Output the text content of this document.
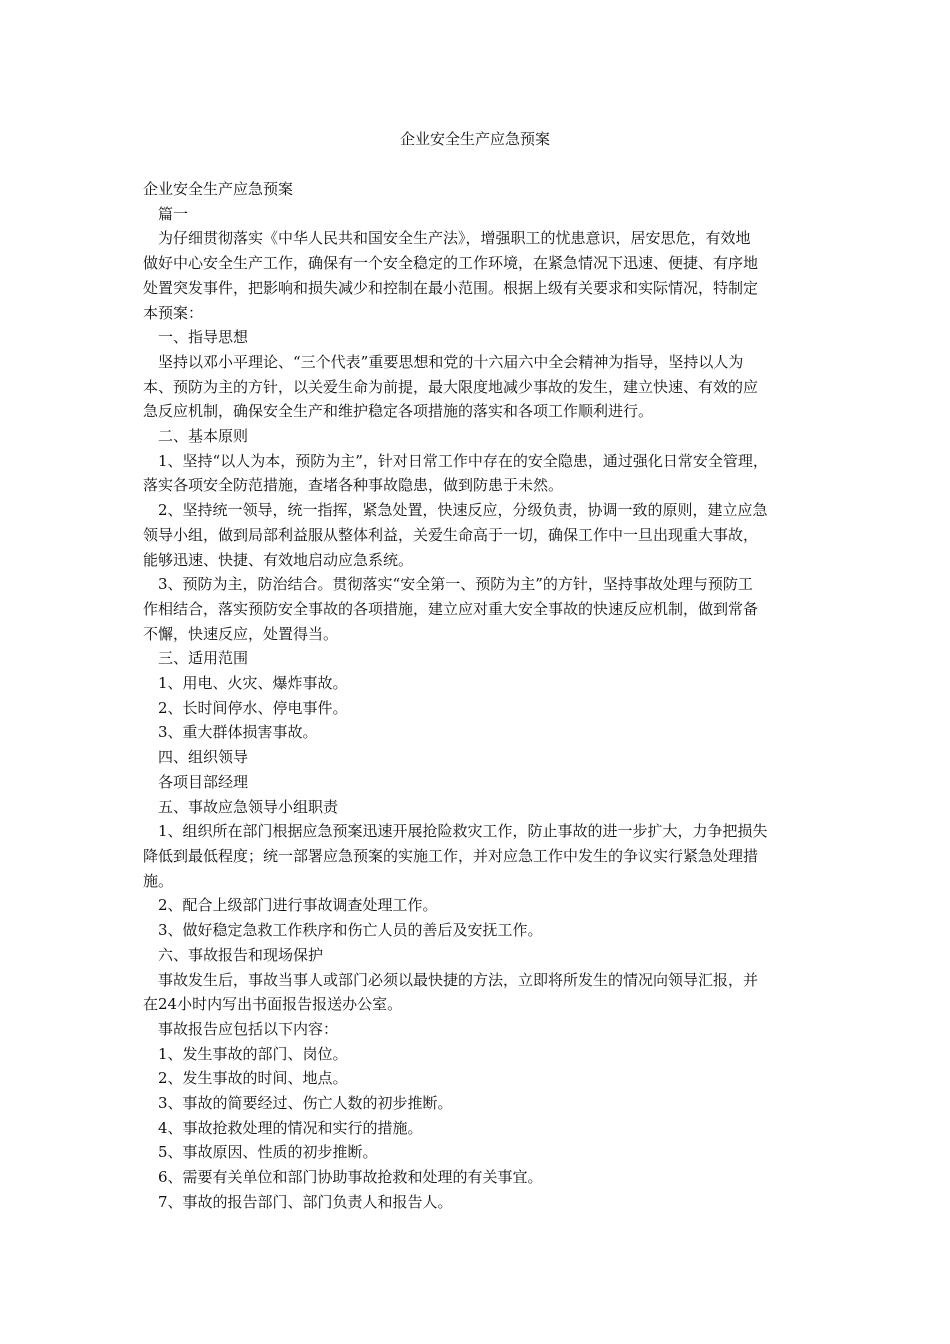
企业安全生产应急预案

企业安全生产应急预案

篇一

为仔细贯彻落实《中华人民共和国安全生产法》，增强职工的忧患意识，居安思危，有效地

做好中心安全生产工作，确保有一个安全稳定的工作环境，在紧急情况下迅速、便捷、有序地

处置突发事件，把影响和损失减少和控制在最小范围。根据上级有关要求和实际情况，特制定

本预案：

一、指导思想

坚持以邓小平理论、“三个代表”重要思想和党的十六届六中全会精神为指导，坚持以人为

本、预防为主的方针，以关爱生命为前提，最大限度地减少事故的发生，建立快速、有效的应

急反应机制，确保安全生产和维护稳定各项措施的落实和各项工作顺利进行。

二、基本原则

1、坚持“以人为本，预防为主”，针对日常工作中存在的安全隐患，通过强化日常安全管理，

落实各项安全防范措施，查堵各种事故隐患，做到防患于未然。

2、坚持统一领导，统一指挥，紧急处置，快速反应，分级负责，协调一致的原则，建立应急

领导小组，做到局部利益服从整体利益，关爱生命高于一切，确保工作中一旦出现重大事故，

能够迅速、快捷、有效地启动应急系统。

3、预防为主，防治结合。贯彻落实“安全第一、预防为主”的方针，坚持事故处理与预防工

作相结合，落实预防安全事故的各项措施，建立应对重大安全事故的快速反应机制，做到常备

不懈，快速反应，处置得当。

三、适用范围

1、用电、火灾、爆炸事故。

2、长时间停水、停电事件。

3、重大群体损害事故。

四、组织领导

各项目部经理

五、事故应急领导小组职责

1、组织所在部门根据应急预案迅速开展抢险救灾工作，防止事故的进一步扩大，力争把损失

降低到最低程度；统一部署应急预案的实施工作，并对应急工作中发生的争议实行紧急处理措

施。

2、配合上级部门进行事故调查处理工作。

3、做好稳定急救工作秩序和伤亡人员的善后及安抚工作。

六、事故报告和现场保护

事故发生后，事故当事人或部门必须以最快捷的方法，立即将所发生的情况向领导汇报，并

在24小时内写出书面报告报送办公室。

事故报告应包括以下内容：

1、发生事故的部门、岗位。

2、发生事故的时间、地点。

3、事故的简要经过、伤亡人数的初步推断。

4、事故抢救处理的情况和实行的措施。

5、事故原因、性质的初步推断。

6、需要有关单位和部门协助事故抢救和处理的有关事宜。

7、事故的报告部门、部门负责人和报告人。
